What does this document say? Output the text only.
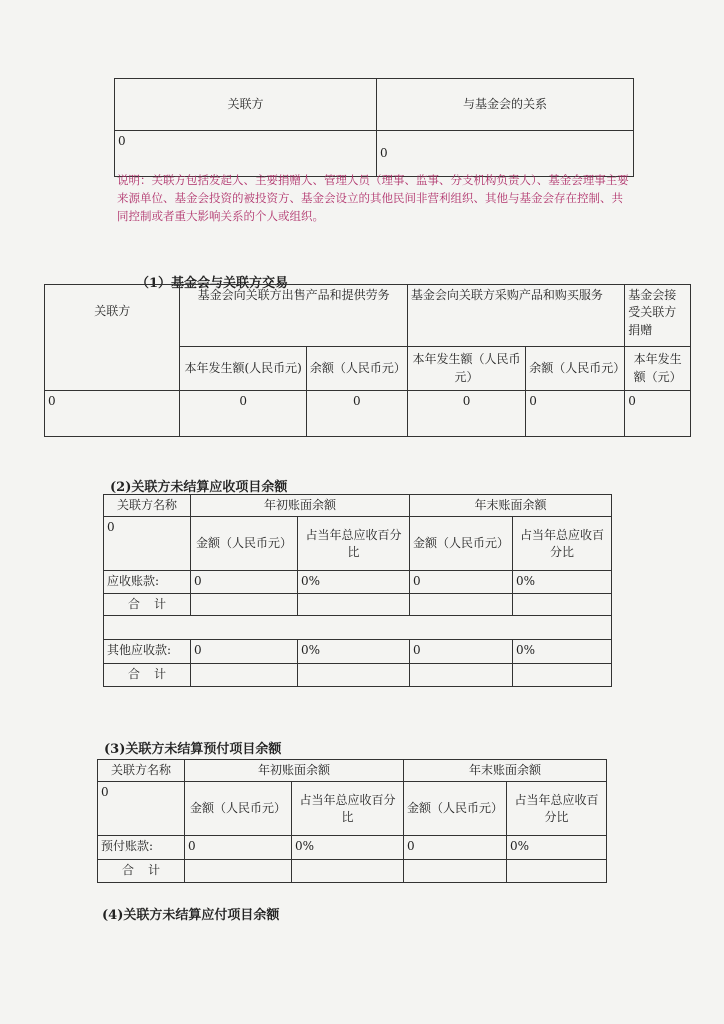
关联方	与基金会的关系
0	0
说明：关联方包括发起人、主要捐赠人、管理人员（理事、监事、分支机构负责人）、基金会理事主要来源单位、基金会投资的被投资方、基金会设立的其他民间非营利组织、其他与基金会存在控制、共同控制或者重大影响关系的个人或组织。
（1）基金会与关联方交易
关联方	基金会向关联方出售产品和提供劳务		基金会向关联方采购产品和购买服务		基金会接受关联方捐赠
	本年发生额(人民币元)	余额（人民币元）	本年发生额（人民币元）	余额（人民币元）	本年发生额（元）
0	0	0	0	0	0
(2)关联方未结算应收项目余额
关联方名称	年初账面余额		年末账面余额	
0	金额（人民币元）	占当年总应收百分比	金额（人民币元）	占当年总应收百分比
应收账款:	0	0%	0	0%
合计				

其他应收款:	0	0%	0	0%
合计				
(3)关联方未结算预付项目余额
关联方名称	年初账面余额		年末账面余额	
0	金额（人民币元）	占当年总应收百分比	金额（人民币元）	占当年总应收百分比
预付账款:	0	0%	0	0%
合计				
(4)关联方未结算应付项目余额
